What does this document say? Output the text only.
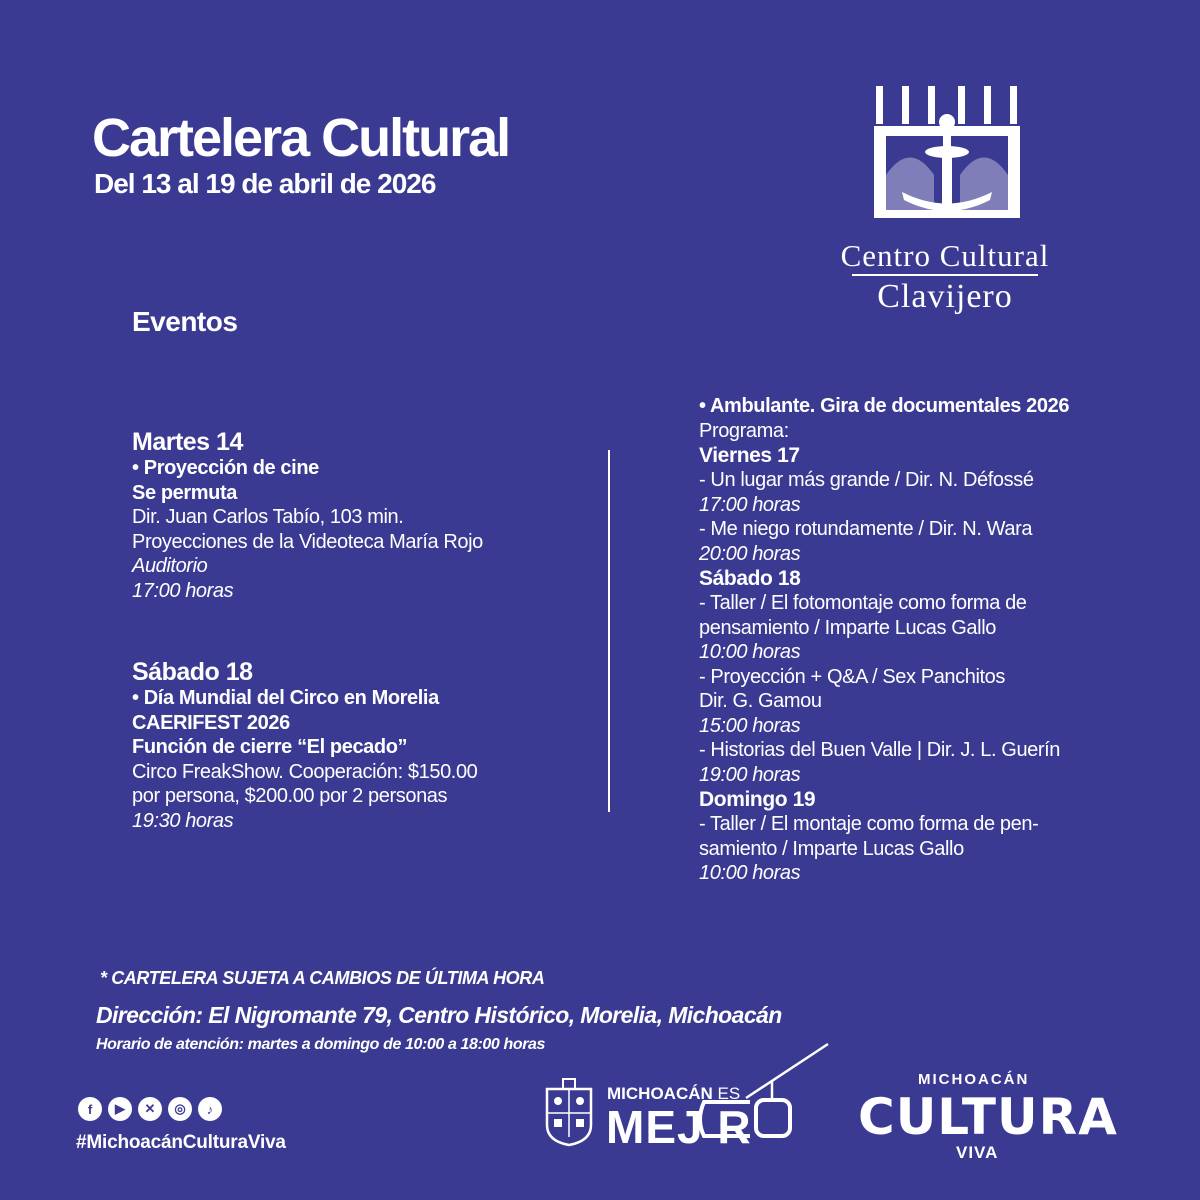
Cartelera Cultural
Del 13 al 19 de abril de 2026
Eventos
Centro Cultural
Clavijero
Martes 14
• Proyección de cine
Se permuta
Dir. Juan Carlos Tabío, 103 min.
Proyecciones de la Videoteca María Rojo
Auditorio
17:00 horas
Sábado 18
• Día Mundial del Circo en Morelia
CAERIFEST 2026
Función de cierre “El pecado”
Circo FreakShow. Cooperación: $150.00
por persona, $200.00 por 2 personas
19:30 horas
• Ambulante. Gira de documentales 2026
Programa:
Viernes 17
- Un lugar más grande / Dir. N. Défossé
17:00 horas
- Me niego rotundamente / Dir. N. Wara
20:00 horas
Sábado 18
- Taller / El fotomontaje como forma de
pensamiento / Imparte Lucas Gallo
10:00 horas
- Proyección + Q&A / Sex Panchitos
Dir. G. Gamou
15:00 horas
- Historias del Buen Valle | Dir. J. L. Guerín
19:00 horas
Domingo 19
- Taller / El montaje como forma de pen-
samiento / Imparte Lucas Gallo
10:00 horas
* CARTELERA SUJETA A CAMBIOS DE ÚLTIMA HORA
Dirección: El Nigromante 79, Centro Histórico, Morelia, Michoacán
Horario de atención: martes a domingo de 10:00 a 18:00 horas
f	▶	✕	◎	♪
#MichoacánCulturaViva
MICHOACÁN ES
MEJ R
MICHOACÁN
CULTURA
VIVA
